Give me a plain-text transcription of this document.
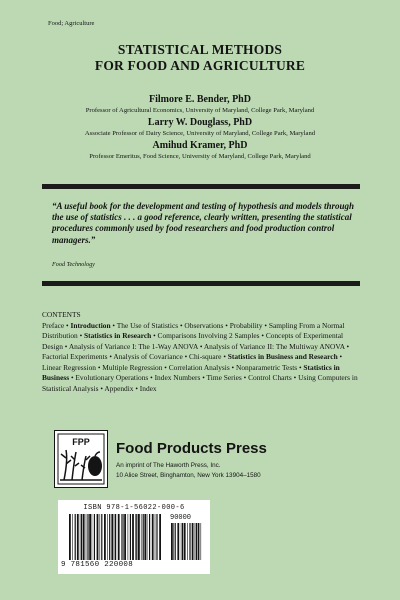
Food; Agriculture
STATISTICAL METHODS
FOR FOOD AND AGRICULTURE
Filmore E. Bender, PhD
Professor of Agricultural Economics, University of Maryland, College Park, Maryland
Larry W. Douglass, PhD
Associate Professor of Dairy Science, University of Maryland, College Park, Maryland
Amihud Kramer, PhD
Professor Emeritus, Food Science, University of Maryland, College Park, Maryland
“A useful book for the development and testing of hypothesis and models through the use of statistics . . . a good reference, clearly written, presenting the statistical procedures commonly used by food researchers and food production control managers.”
Food Technology
CONTENTS
Preface • Introduction • The Use of Statistics • Observations • Probability • Sampling From a Normal Distribution • Statistics in Research • Comparisons Involving 2 Samples • Concepts of Experimental Design • Analysis of Variance I: The 1-Way ANOVA • Analysis of Variance II: The Multiway ANOVA • Factorial Experiments • Analysis of Covariance • Chi-square • Statistics in Business and Research • Linear Regression • Multiple Regression • Correlation Analysis • Nonparametric Tests • Statistics in Business • Evolutionary Operations • Index Numbers • Time Series • Control Charts • Using Computers in Statistical Analysis • Appendix • Index
FPP Food Products Press
An imprint of The Haworth Press, Inc.
10 Alice Street, Binghamton, New York 13904–1580
ISBN 978-1-56022-000-6
90000
9 781560 220008
